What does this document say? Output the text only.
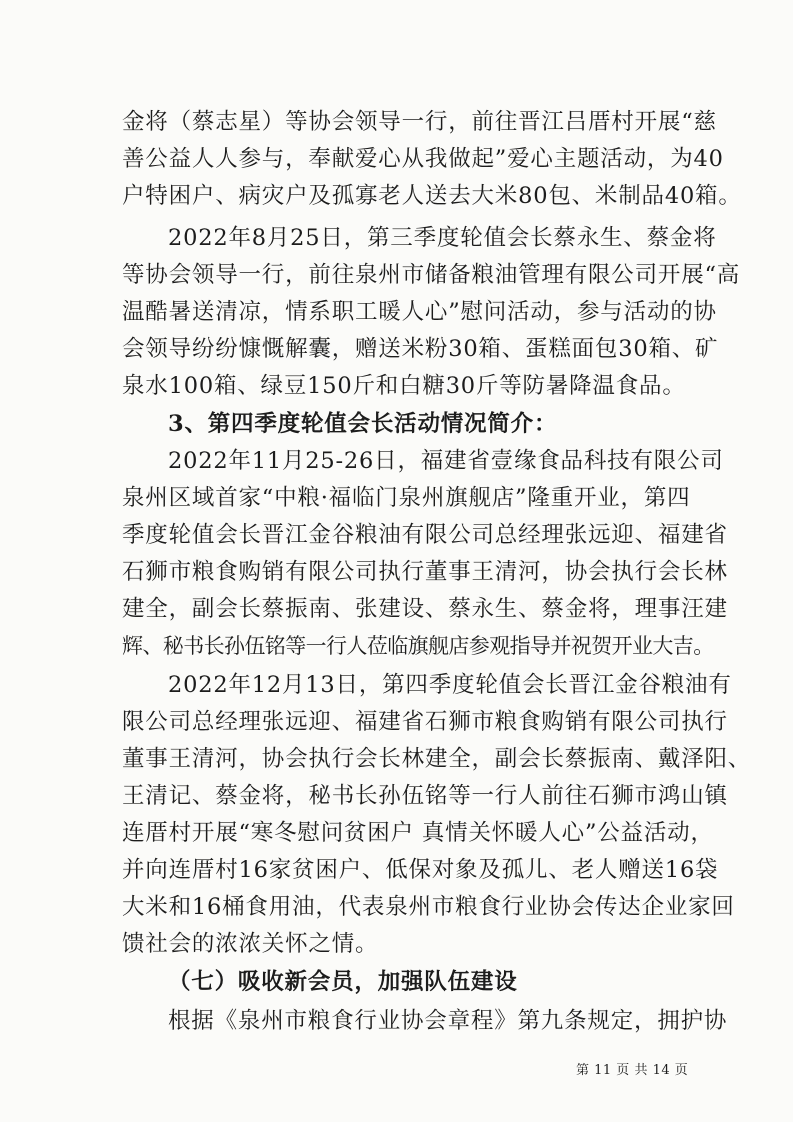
金将（蔡志星）等协会领导一行，前往晋江吕厝村开展“慈
善公益人人参与，奉献爱心从我做起”爱心主题活动，为40
户特困户、病灾户及孤寡老人送去大米80包、米制品40箱。
2022年8月25日，第三季度轮值会长蔡永生、蔡金将
等协会领导一行，前往泉州市储备粮油管理有限公司开展“高
温酷暑送清凉，情系职工暖人心”慰问活动，参与活动的协
会领导纷纷慷慨解囊，赠送米粉30箱、蛋糕面包30箱、矿
泉水100箱、绿豆150斤和白糖30斤等防暑降温食品。
3、第四季度轮值会长活动情况简介：
2022年11月25-26日，福建省壹缘食品科技有限公司
泉州区域首家“中粮·福临门泉州旗舰店”隆重开业，第四
季度轮值会长晋江金谷粮油有限公司总经理张远迎、福建省
石狮市粮食购销有限公司执行董事王清河，协会执行会长林
建全，副会长蔡振南、张建设、蔡永生、蔡金将，理事汪建
辉、秘书长孙伍铭等一行人莅临旗舰店参观指导并祝贺开业大吉。
2022年12月13日，第四季度轮值会长晋江金谷粮油有
限公司总经理张远迎、福建省石狮市粮食购销有限公司执行
董事王清河，协会执行会长林建全，副会长蔡振南、戴泽阳、
王清记、蔡金将，秘书长孙伍铭等一行人前往石狮市鸿山镇
连厝村开展“寒冬慰问贫困户 真情关怀暖人心”公益活动，
并向连厝村16家贫困户、低保对象及孤儿、老人赠送16袋
大米和16桶食用油，代表泉州市粮食行业协会传达企业家回
馈社会的浓浓关怀之情。
（七）吸收新会员，加强队伍建设
根据《泉州市粮食行业协会章程》第九条规定，拥护协
第 11 页 共 14 页
